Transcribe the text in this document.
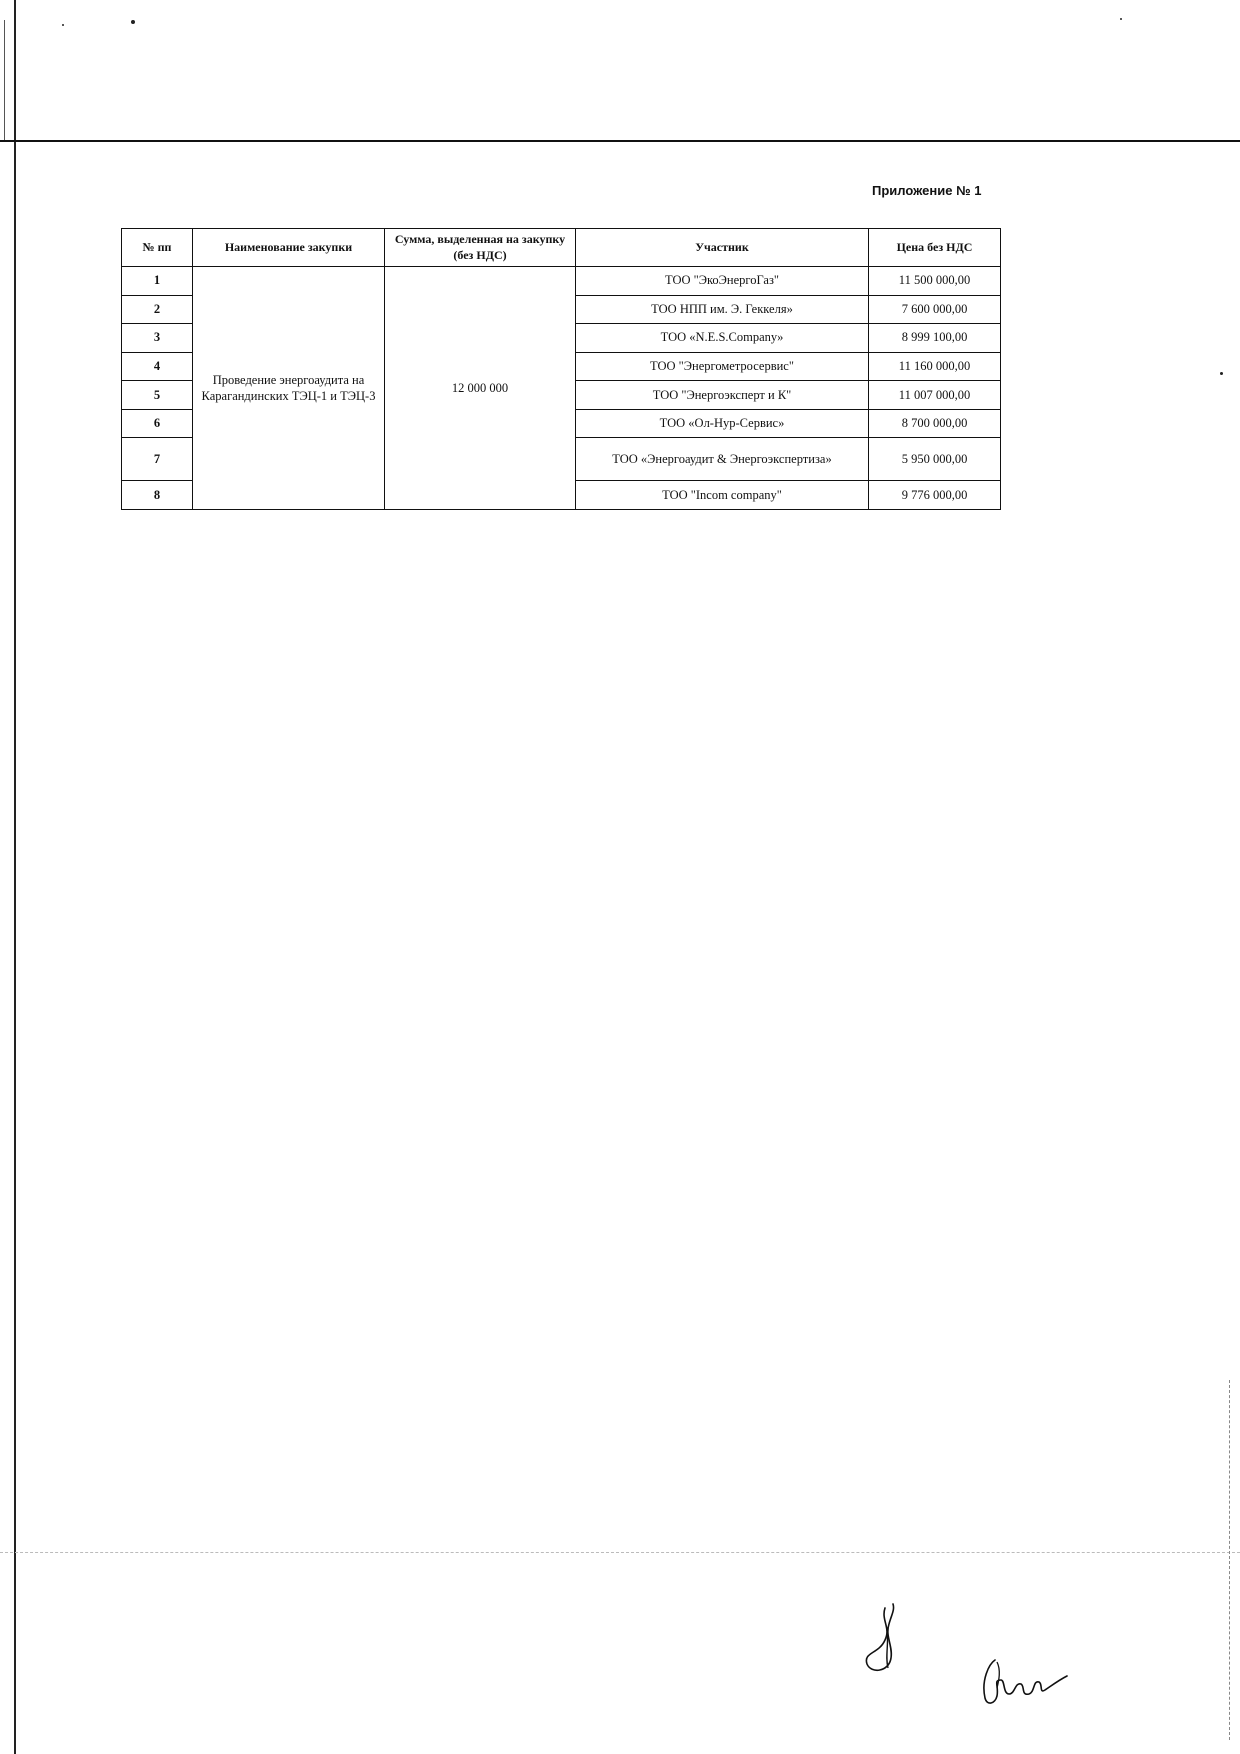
Приложение № 1
№ пп	Наименование закупки	Сумма, выделенная на закупку (без НДС)	Участник	Цена без НДС
1	Проведение энергоаудита на Карагандинских ТЭЦ-1 и ТЭЦ-3	12 000 000	ТОО "ЭкоЭнергоГаз"	11 500 000,00
2			ТОО НПП им. Э. Геккеля»	7 600 000,00
3			ТОО «N.E.S.Company»	8 999 100,00
4			ТОО "Энергометросервис"	11 160 000,00
5			ТОО "Энергоэксперт и К"	11 007 000,00
6			ТОО «Ол-Нур-Сервис»	8 700 000,00
7			ТОО «Энергоаудит & Энергоэкспертиза»	5 950 000,00
8			ТОО "Incom company"	9 776 000,00
